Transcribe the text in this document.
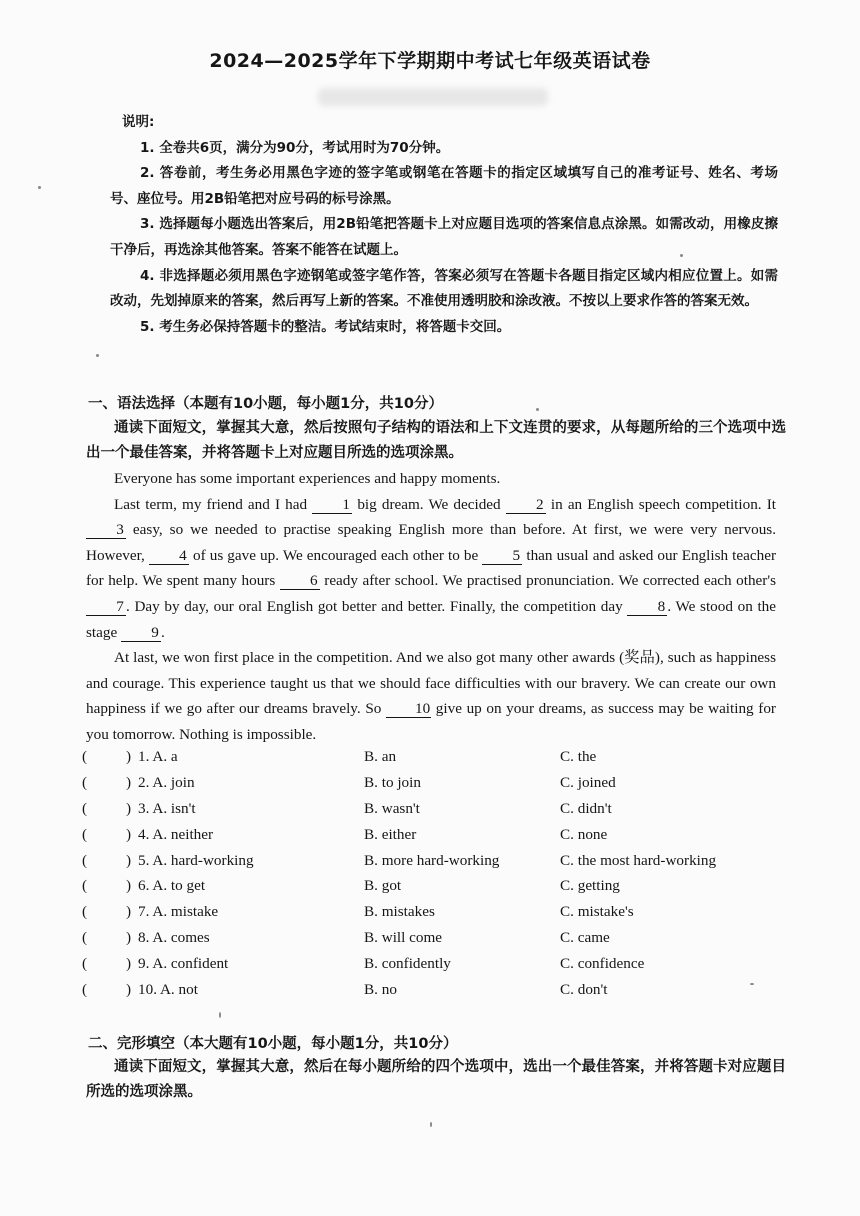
2024—2025学年下学期期中考试七年级英语试卷
说明:

1. 全卷共6页，满分为90分，考试用时为70分钟。

2. 答卷前，考生务必用黑色字迹的签字笔或钢笔在答题卡的指定区域填写自己的准考证号、姓名、考场号、座位号。用2B铅笔把对应号码的标号涂黑。

3. 选择题每小题选出答案后，用2B铅笔把答题卡上对应题目选项的答案信息点涂黑。如需改动，用橡皮擦干净后，再选涂其他答案。答案不能答在试题上。

4. 非选择题必须用黑色字迹钢笔或签字笔作答，答案必须写在答题卡各题目指定区域内相应位置上。如需改动，先划掉原来的答案，然后再写上新的答案。不准使用透明胶和涂改液。不按以上要求作答的答案无效。

5. 考生务必保持答题卡的整洁。考试结束时，将答题卡交回。

一、语法选择（本题有10小题，每小题1分，共10分）
通读下面短文，掌握其大意，然后按照句子结构的语法和上下文连贯的要求，从每题所给的三个选项中选出一个最佳答案，并将答题卡上对应题目所选的选项涂黑。

Everyone has some important experiences and happy moments.

Last term, my friend and I had 1 big dream. We decided 2 in an English speech competition. It 3 easy, so we needed to practise speaking English more than before. At first, we were very nervous. However, 4 of us gave up. We encouraged each other to be 5 than usual and asked our English teacher for help. We spent many hours 6 ready after school. We practised pronunciation. We corrected each other's 7 . Day by day, our oral English got better and better. Finally, the competition day 8 . We stood on the stage 9 .

At last, we won first place in the competition. And we also got many other awards (奖品), such as happiness and courage. This experience taught us that we should face difficulties with our bravery. We can create our own happiness if we go after our dreams bravely. So 10 give up on your dreams, as success may be waiting for you tomorrow. Nothing is impossible.

(	) 1. A. a	B. an	C. the
(	) 2. A. join	B. to join	C. joined
(	) 3. A. isn't	B. wasn't	C. didn't
(	) 4. A. neither	B. either	C. none
(	) 5. A. hard-working	B. more hard-working	C. the most hard-working
(	) 6. A. to get	B. got	C. getting
(	) 7. A. mistake	B. mistakes	C. mistake's
(	) 8. A. comes	B. will come	C. came
(	) 9. A. confident	B. confidently	C. confidence
(	) 10. A. not	B. no	C. don't
二、完形填空（本大题有10小题，每小题1分，共10分）
通读下面短文，掌握其大意，然后在每小题所给的四个选项中，选出一个最佳答案，并将答题卡对应题目所选的选项涂黑。
